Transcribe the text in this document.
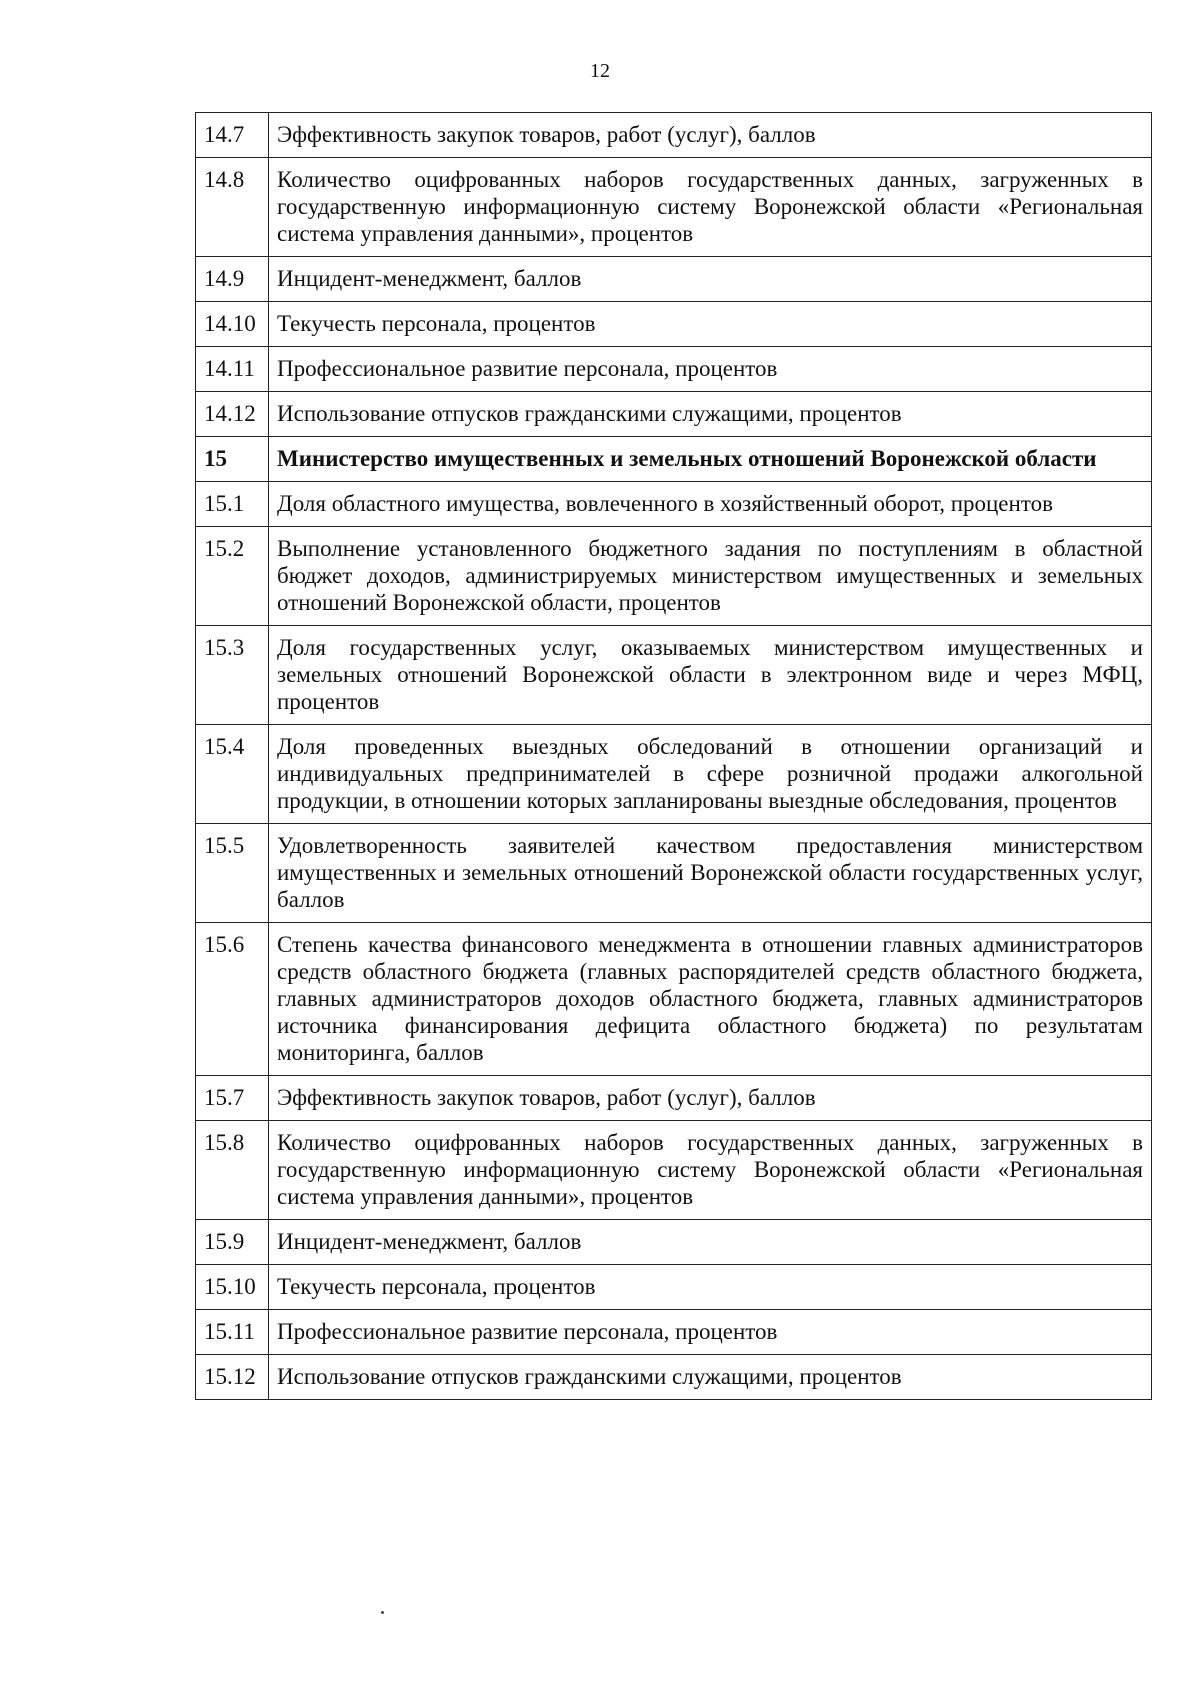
12
14.7	Эффективность закупок товаров, работ (услуг), баллов
14.8	Количество оцифрованных наборов государственных данных, загруженных в государственную информационную систему Воронежской области «Региональная система управления данными», процентов
14.9	Инцидент-менеджмент, баллов
14.10	Текучесть персонала, процентов
14.11	Профессиональное развитие персонала, процентов
14.12	Использование отпусков гражданскими служащими, процентов
15	Министерство имущественных и земельных отношений Воронежской области
15.1	Доля областного имущества, вовлеченного в хозяйственный оборот, процентов
15.2	Выполнение установленного бюджетного задания по поступлениям в областной бюджет доходов, администрируемых министерством имущественных и земельных отношений Воронежской области, процентов
15.3	Доля государственных услуг, оказываемых министерством имущественных и земельных отношений Воронежской области в электронном виде и через МФЦ, процентов
15.4	Доля проведенных выездных обследований в отношении организаций и индивидуальных предпринимателей в сфере розничной продажи алкогольной продукции, в отношении которых запланированы выездные обследования, процентов
15.5	Удовлетворенность заявителей качеством предоставления министерством имущественных и земельных отношений Воронежской области государственных услуг, баллов
15.6	Степень качества финансового менеджмента в отношении главных администраторов средств областного бюджета (главных распорядителей средств областного бюджета, главных администраторов доходов областного бюджета, главных администраторов источника финансирования дефицита областного бюджета) по результатам мониторинга, баллов
15.7	Эффективность закупок товаров, работ (услуг), баллов
15.8	Количество оцифрованных наборов государственных данных, загруженных в государственную информационную систему Воронежской области «Региональная система управления данными», процентов
15.9	Инцидент-менеджмент, баллов
15.10	Текучесть персонала, процентов
15.11	Профессиональное развитие персонала, процентов
15.12	Использование отпусков гражданскими служащими, процентов
